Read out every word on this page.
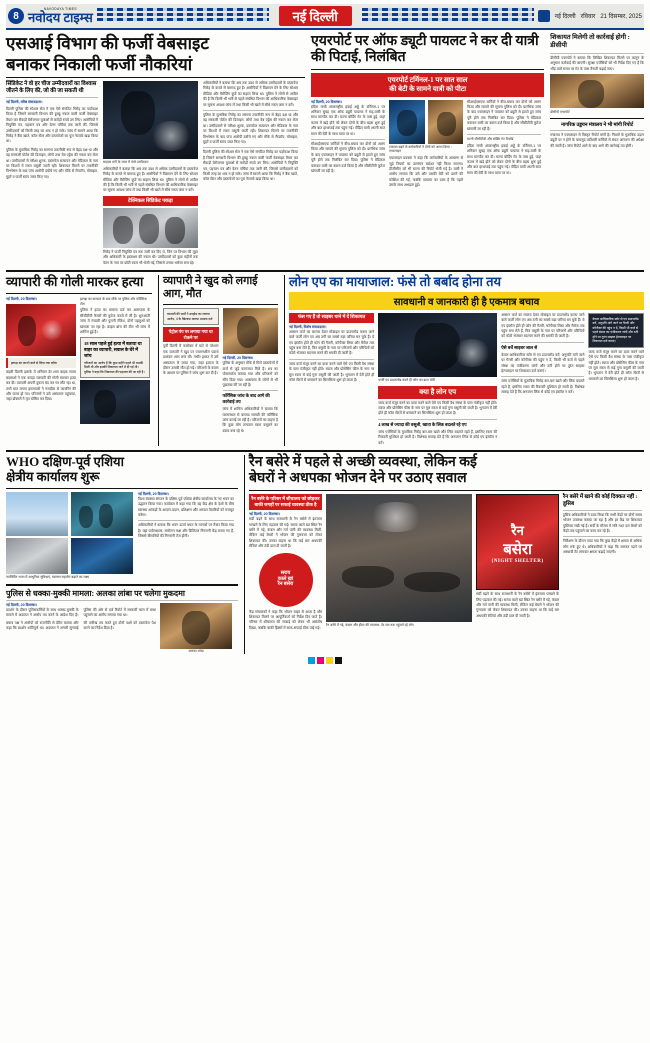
8
NAVODAYA TIMES
नवोदय टाइम्स	नई दिल्ली	नई दिल्ली रविवार 21 दिसम्बर, 2025
एसआई विभाग की फर्जी वेबसाइट
बनाकर निकाली फर्जी नौकरियां
सिंडिकेट ने वो हर चीज उम्मीदवारों का विश्वास जीतने के लिए की, जो की जा सकती थी
नई दिल्ली, वरिष्ठ संवाददाता।
दिल्ली पुलिस की स्पेशल सेल ने एक ऐसे संगठित गिरोह का पर्दाफाश किया है जिसने सरकारी विभाग की हूबहू नकल वाली फर्जी वेबसाइट तैयार कर सैकड़ों बेरोजगार युवाओं से करोड़ों रुपये ठग लिए। आरोपियों ने नियुक्ति पत्र, पहचान पत्र और वेतन पर्चियां तक जारी कीं, जिससे उम्मीदवारों को किसी तरह का शक न हो सके। जांच में सामने आया कि गिरोह ने बैंक खाते, कॉल सेंटर और दस्तावेजों का पूरा नेटवर्क खड़ा किया था।
पुलिस के मुताबिक गिरोह का सरगना तकनीकी रूप से बेहद दक्ष था और वह सरकारी पोर्टल की डिजाइन, लोगो तथा वेब एड्रेस की नकल कर लेता था। उम्मीदवारों से परीक्षा शुल्क, दस्तावेज सत्यापन और मेडिकल के नाम पर किश्तों में रकम वसूली जाती रही। शिकायत मिलने पर तकनीकी विश्लेषण के बाद पांच आरोपी दबोचे गए और मौके से लैपटॉप, मोबाइल, मुहरें व फर्जी स्टांप जब्त किए गए।
साइबर ठगी के जाल में फंसे उम्मीदवार
अधिकारियों ने बताया कि अब तक 350 से अधिक उम्मीदवारों के दस्तावेज गिरोह के कब्जे से बरामद हुए हैं। आरोपियों ने विज्ञापन देने के लिए सोशल मीडिया और मैसेजिंग ग्रुपों का सहारा लिया था। पुलिस ने लोगों से अपील की है कि किसी भी भर्ती से पहले संबंधित विभाग की आधिकारिक वेबसाइट पर सूचना अवश्य जांच लें तथा किसी भी खाते में सीधे रकम जमा न करें।
टेक्निकल सिंडिकेट पकड़ा
गिरोह ने फर्जी नियुक्ति पत्र तक जारी कर दिए थे, जिन पर विभाग की मुहर और अधिकारी के हस्ताक्षर की नकल थी। उम्मीदवारों को कुछ महीनों तक वेतन के नाम पर छोटी रकम भी भेजी गई, जिससे उनका भरोसा बना रहे।
अधिकारियों ने बताया कि अब तक 350 से अधिक उम्मीदवारों के दस्तावेज गिरोह के कब्जे से बरामद हुए हैं। आरोपियों ने विज्ञापन देने के लिए सोशल मीडिया और मैसेजिंग ग्रुपों का सहारा लिया था। पुलिस ने लोगों से अपील की है कि किसी भी भर्ती से पहले संबंधित विभाग की आधिकारिक वेबसाइट पर सूचना अवश्य जांच लें तथा किसी भी खाते में सीधे रकम जमा न करें।
पुलिस के मुताबिक गिरोह का सरगना तकनीकी रूप से बेहद दक्ष था और वह सरकारी पोर्टल की डिजाइन, लोगो तथा वेब एड्रेस की नकल कर लेता था। उम्मीदवारों से परीक्षा शुल्क, दस्तावेज सत्यापन और मेडिकल के नाम पर किश्तों में रकम वसूली जाती रही। शिकायत मिलने पर तकनीकी विश्लेषण के बाद पांच आरोपी दबोचे गए और मौके से लैपटॉप, मोबाइल, मुहरें व फर्जी स्टांप जब्त किए गए।
दिल्ली पुलिस की स्पेशल सेल ने एक ऐसे संगठित गिरोह का पर्दाफाश किया है जिसने सरकारी विभाग की हूबहू नकल वाली फर्जी वेबसाइट तैयार कर सैकड़ों बेरोजगार युवाओं से करोड़ों रुपये ठग लिए। आरोपियों ने नियुक्ति पत्र, पहचान पत्र और वेतन पर्चियां तक जारी कीं, जिससे उम्मीदवारों को किसी तरह का शक न हो सके। जांच में सामने आया कि गिरोह ने बैंक खाते, कॉल सेंटर और दस्तावेजों का पूरा नेटवर्क खड़ा किया था।
एयरपोर्ट पर ऑफ ड्यूटी पायलट ने कर दी यात्री की पिटाई, निलंबित
एयरपोर्ट टर्मिनल-1 पर सात साल
की बेटी के सामने यात्री को पीटा
नई दिल्ली, 20 दिसम्बर।
इंदिरा गांधी अंतरराष्ट्रीय हवाई अड्डे के टर्मिनल-1 पर शनिवार सुबह एक ऑफ ड्यूटी पायलट ने सह-यात्री के साथ मारपीट कर दी। घटना बोर्डिंग गेट के पास हुई, जहां कतार में खड़े होने को लेकर दोनों के बीच बहस शुरू हुई और बात हाथापाई तक पहुंच गई। पीड़ित यात्री अपनी सात साल की बेटी के साथ यात्रा पर था।
सीआईएसएफ कर्मियों ने बीच-बचाव कर दोनों को अलग किया और मामले की सूचना पुलिस को दी। प्रारंभिक जांच के बाद एयरलाइन ने पायलट को ड्यूटी से हटाते हुए जांच पूरी होने तक निलंबित कर दिया। पुलिस ने मेडिकल कराकर यात्री का बयान दर्ज किया है और सीसीटीवी फुटेज खंगाली जा रही है।
टकराव बढ़ने से कर्मचारियों ने दोनों को अलग किया : एयरलाइन
एयरलाइन प्रवक्ता ने कहा कि कर्मचारियों के आचरण से जुड़े नियमों का उल्लंघन बर्दाश्त नहीं किया जाएगा। डीजीसीए को भी घटना की रिपोर्ट भेजी गई है। यात्री ने आरोप लगाया कि उसे और उसकी बेटी को डराने की कोशिश की गई, जबकि पायलट का दावा है कि पहले उसके साथ अभद्रता हुई।
सीआईएसएफ कर्मियों ने बीच-बचाव कर दोनों को अलग किया और मामले की सूचना पुलिस को दी। प्रारंभिक जांच के बाद एयरलाइन ने पायलट को ड्यूटी से हटाते हुए जांच पूरी होने तक निलंबित कर दिया। पुलिस ने मेडिकल कराकर यात्री का बयान दर्ज किया है और सीसीटीवी फुटेज खंगाली जा रही है।
घटनी सीसीटीवी और बोर्डिंग गेट रिकॉर्ड
इंदिरा गांधी अंतरराष्ट्रीय हवाई अड्डे के टर्मिनल-1 पर शनिवार सुबह एक ऑफ ड्यूटी पायलट ने सह-यात्री के साथ मारपीट कर दी। घटना बोर्डिंग गेट के पास हुई, जहां कतार में खड़े होने को लेकर दोनों के बीच बहस शुरू हुई और बात हाथापाई तक पहुंच गई। पीड़ित यात्री अपनी सात साल की बेटी के साथ यात्रा पर था।
शिकायत मिलेगी तो कार्रवाई होगी : डीसीपी
डीसीपी एयरपोर्ट ने बताया कि लिखित शिकायत मिलने पर कानून के अनुसार कार्रवाई की जाएगी। सुरक्षा एजेंसियों को भी निर्देश दिए गए हैं कि भीड़ वाले समय पर गेट के पास तैनाती बढ़ाई जाए।
डीसीपी एयरपोर्ट
नागरिक उड्डयन मंत्रालय ने भी मांगी रिपोर्ट
मंत्रालय ने एयरलाइन से विस्तृत रिपोर्ट मांगी है। नियमों के मुताबिक उड़ान ड्यूटी पर न होने के बावजूद वर्दीधारी कर्मियों से संयत आचरण की अपेक्षा की जाती है। जांच रिपोर्ट आने के बाद आगे की कार्रवाई तय होगी।
व्यापारी की गोली मारकर हत्या
नई दिल्ली, 20 दिसम्बर।
झगड़ा का जानने वाले से लिया गया ब्यौरा
बाहरी दिल्ली इलाके में शनिवार देर शाम बाइक सवार बदमाशों ने एक कपड़ा व्यापारी की गोली मारकर हत्या कर दी। व्यापारी अपनी दुकान बंद कर घर लौट रहा था, तभी घात लगाए हमलावरों ने नजदीक से फायरिंग की और फरार हो गए। परिजनों ने उसे अस्पताल पहुंचाया, जहां डॉक्टरों ने मृत घोषित कर दिया।
झगड़ा का वारदात के बाद मौके पर पुलिस और फॉरेंसिक टीम
पुलिस ने हत्या का मामला दर्ज कर आसपास के सीसीटीवी कैमरों की फुटेज कब्जे में ली है। शुरुआती जांच में रंगदारी और पुरानी रंजिश, दोनों पहलुओं को खंगाला जा रहा है। क्राइम ब्रांच की टीम भी जांच में शामिल हुई है।
18 साल पहले हुई हत्या में बताया था बाहर का व्यापारी, सवाल के घेरे में जांच
परिजनों का आरोप है कि कुछ महीने पहले भी धमकी मिली थी और इसकी शिकायत थाने में दी गई थी। पुलिस ने कहा कि शिकायत की पड़ताल की जा रही है।
व्यापारी ने खुद को लगाई आग, मौत
व्यापारी की फर्मों ने उपहोम का लगाया आरोप, 4 के खिलाफ कराया मामला दर्ज
पेट्रोल पंप पर लगाया गया था रोकने पर
पूर्वी दिल्ली में कारोबार में घाटे से परेशान एक व्यापारी ने खुद पर ज्वलनशील पदार्थ डालकर आग लगा ली। गंभीर हालत में उसे अस्पताल ले जाया गया, जहां इलाज के दौरान उसकी मौत हो गई। परिजनों के बयान के आधार पर पुलिस ने जांच शुरू कर दी है।
नई दिल्ली, 20 दिसम्बर।
पुलिस के अनुसार मौके से मिले दस्तावेजों में कर्ज से जुड़े कागजात मिले हैं। शव का पोस्टमार्टम कराया गया और परिजनों को सौंप दिया गया। आसपास के लोगों से भी पूछताछ की जा रही है।
फॉरेंसिक जांच के बाद आगे की कार्रवाई तय
जांच में शामिल अधिकारियों ने बताया कि घटनास्थल से बरामद सामग्री की फॉरेंसिक जांच कराई जा रही है। परिजनों का कहना है कि कुछ लोग लगातार रकम वसूलने का दबाव बना रहे थे।
लोन एप का मायाजाल: फंसे तो बर्बाद होना तय
सावधानी व जानकारी ही है एकमात्र बचाव
फंस गए हैं तो साइबर थाने में दें शिकायत
नई दिल्ली, विशेष संवाददाता।
आसान कर्ज का लालच देकर मोबाइल पर डाउनलोड कराए जाने वाले फर्जी लोन एप अब ठगी का सबसे बड़ा जरिया बन चुके हैं। ये एप इंस्टॉल होते ही फोन की गैलरी, कॉन्टैक्ट लिस्ट और मैसेज तक पहुंच बना लेते हैं, फिर वसूली के नाम पर परिजनों और परिचितों को फोटो भेजकर बदनाम करने की धमकी दी जाती है।
जल्द कर्ज मंजूर करने का दावा करने वाले ऐसे एप किसी वैध संस्था के पास पंजीकृत नहीं होते। ब्याज और प्रोसेसिंग फीस के नाम पर मूल रकम से कई गुना वसूली की जाती है। भुगतान में देरी होते ही कॉल सेंटरों से धमकाने का सिलसिला शुरू हो जाता है।	फर्जी एप डाउनलोड करते ही फोन का डाटा चोरी
क्या है लोन एप
जल्द कर्ज मंजूर करने का दावा करने वाले ऐसे एप किसी वैध संस्था के पास पंजीकृत नहीं होते। ब्याज और प्रोसेसिंग फीस के नाम पर मूल रकम से कई गुना वसूली की जाती है। भुगतान में देरी होते ही कॉल सेंटरों से धमकाने का सिलसिला शुरू हो जाता है।
4 लाख से ज्यादा की वसूली, खाता के लिंक बदलते रहे एप
जांच एजेंसियों के मुताबिक गिरोह बार-बार खाते और लिंक बदलते रहते हैं, इसलिए रकम की रिकवरी मुश्किल हो जाती है। विशेषज्ञ सलाह देते हैं कि अनजान लिंक से कोई एप इंस्टॉल न करें।
आसान कर्ज का लालच देकर मोबाइल पर डाउनलोड कराए जाने वाले फर्जी लोन एप अब ठगी का सबसे बड़ा जरिया बन चुके हैं। ये एप इंस्टॉल होते ही फोन की गैलरी, कॉन्टैक्ट लिस्ट और मैसेज तक पहुंच बना लेते हैं, फिर वसूली के नाम पर परिजनों और परिचितों को फोटो भेजकर बदनाम करने की धमकी दी जाती है।
ऐसे बचें साइबर जाल से
केवल आधिकारिक स्टोर से एप डाउनलोड करें, अनुमति मांगे जाने पर गैलरी और कॉन्टैक्ट की पहुंच न दें, किसी भी कर्ज से पहले संस्था का पंजीकरण जांचें और ठगी होने पर तुरंत साइबर हेल्पलाइन पर शिकायत दर्ज कराएं।
जांच एजेंसियों के मुताबिक गिरोह बार-बार खाते और लिंक बदलते रहते हैं, इसलिए रकम की रिकवरी मुश्किल हो जाती है। विशेषज्ञ सलाह देते हैं कि अनजान लिंक से कोई एप इंस्टॉल न करें।
केवल आधिकारिक स्टोर से एप डाउनलोड करें, अनुमति मांगे जाने पर गैलरी और कॉन्टैक्ट की पहुंच न दें, किसी भी कर्ज से पहले संस्था का पंजीकरण जांचें और ठगी होने पर तुरंत साइबर हेल्पलाइन पर शिकायत दर्ज कराएं।
जल्द कर्ज मंजूर करने का दावा करने वाले ऐसे एप किसी वैध संस्था के पास पंजीकृत नहीं होते। ब्याज और प्रोसेसिंग फीस के नाम पर मूल रकम से कई गुना वसूली की जाती है। भुगतान में देरी होते ही कॉल सेंटरों से धमकाने का सिलसिला शुरू हो जाता है।
WHO दक्षिण-पूर्व एशिया
क्षेत्रीय कार्यालय शुरू
नवनिर्मित भवन में आधुनिक सुविधाएं, स्वास्थ्य सहयोग बढ़ाने का लक्ष्य
नई दिल्ली, 20 दिसम्बर।
विश्व स्वास्थ्य संगठन के दक्षिण-पूर्व एशिया क्षेत्रीय कार्यालय के नए भवन का उद्घाटन किया गया। कार्यक्रम में कहा गया कि यह केंद्र क्षेत्र के देशों के बीच स्वास्थ्य आंकड़ों के आदान-प्रदान, प्रशिक्षण और आपात तैयारियों को मजबूत करेगा।
अधिकारियों ने बताया कि भवन ऊर्जा बचत के मानकों पर तैयार किया गया है। यहां प्रयोगशाला, सम्मेलन कक्ष और डिजिटल निगरानी केंद्र बनाए गए हैं, जिससे बीमारियों की निगरानी तेज होगी।
पुलिस से धक्का-मुक्की मामला: अलका लांबा पर चलेगा मुकदमा
नई दिल्ली, 20 दिसम्बर।
प्रदर्शन के दौरान पुलिसकर्मियों के साथ धक्का-मुक्की के मामले में अदालत ने आरोप तय करने के आदेश दिए हैं। पुलिस की ओर से दर्ज रिपोर्ट में सरकारी काम में बाधा पहुंचाने का आरोप लगाया गया था।
बचाव पक्ष ने आरोपों को राजनीति से प्रेरित बताया और कहा कि प्रदर्शन शांतिपूर्ण था। अदालत ने अगली सुनवाई की तारीख तय करते हुए दोनों पक्षों को दस्तावेज पेश करने का निर्देश दिया है।
अलका लांबा
रैन बसेरे में पहले से अच्छी व्यवस्था, लेकिन कई
बेघरों ने अधपका भोजन देने पर उठाए सवाल
रैन बसेरे के परिसर में शौचालय को छोड़कर बाकी जगहों पर सफाई व्यवस्था ठीक है
नई दिल्ली, 20 दिसम्बर।
सर्दी बढ़ने के साथ राजधानी के रैन बसेरों में इंतजाम परखने के लिए पड़ताल की गई। सराय काले खां स्थित रैन बसेरे में गद्दे, कंबल और गर्म पानी की व्यवस्था मिली, लेकिन कई बेघरों ने भोजन की गुणवत्ता को लेकर शिकायत की। उनका कहना था कि कई बार अधपकी रोटियां और ठंडी दाल दी जाती है।
सराय
काले खां
रैन बसेरा
केंद्र संचालकों ने कहा कि भोजन बाहर से आता है और शिकायत मिलने पर आपूर्तिकर्ता को निर्देश दिए जाते हैं। परिसर में शौचालय की सफाई को लेकर भी असंतोष दिखा, जबकि बाकी हिस्सों में साफ-सफाई ठीक पाई गई।
रैन बसेरे में गद्दे, कंबल और हीटर की व्यवस्था, देर रात तक पहुंचते रहे लोग
रैन
बसेरा
(NIGHT SHELTER)
सर्दी बढ़ने के साथ राजधानी के रैन बसेरों में इंतजाम परखने के लिए पड़ताल की गई। सराय काले खां स्थित रैन बसेरे में गद्दे, कंबल और गर्म पानी की व्यवस्था मिली, लेकिन कई बेघरों ने भोजन की गुणवत्ता को लेकर शिकायत की। उनका कहना था कि कई बार अधपकी रोटियां और ठंडी दाल दी जाती है।
रैन बसेरे में खाने की कोई दिक्कत नहीं : डूसिब
डूसिब अधिकारियों ने दावा किया कि सभी केंद्रों पर दोनों समय भोजन उपलब्ध कराया जा रहा है और हर केंद्र पर शिकायत पुस्तिका रखी गई है। सर्दी के मौसम में रात्रि गश्त दल बेघरों को केंद्रों तक पहुंचाने का काम कर रहे हैं।
निरीक्षण के दौरान पाया गया कि कुछ केंद्रों में क्षमता से अधिक लोग रुके हुए थे। अधिकारियों ने कहा कि जरूरत पड़ने पर अस्थायी टेंट लगाकर क्षमता बढ़ाई जाएगी।
